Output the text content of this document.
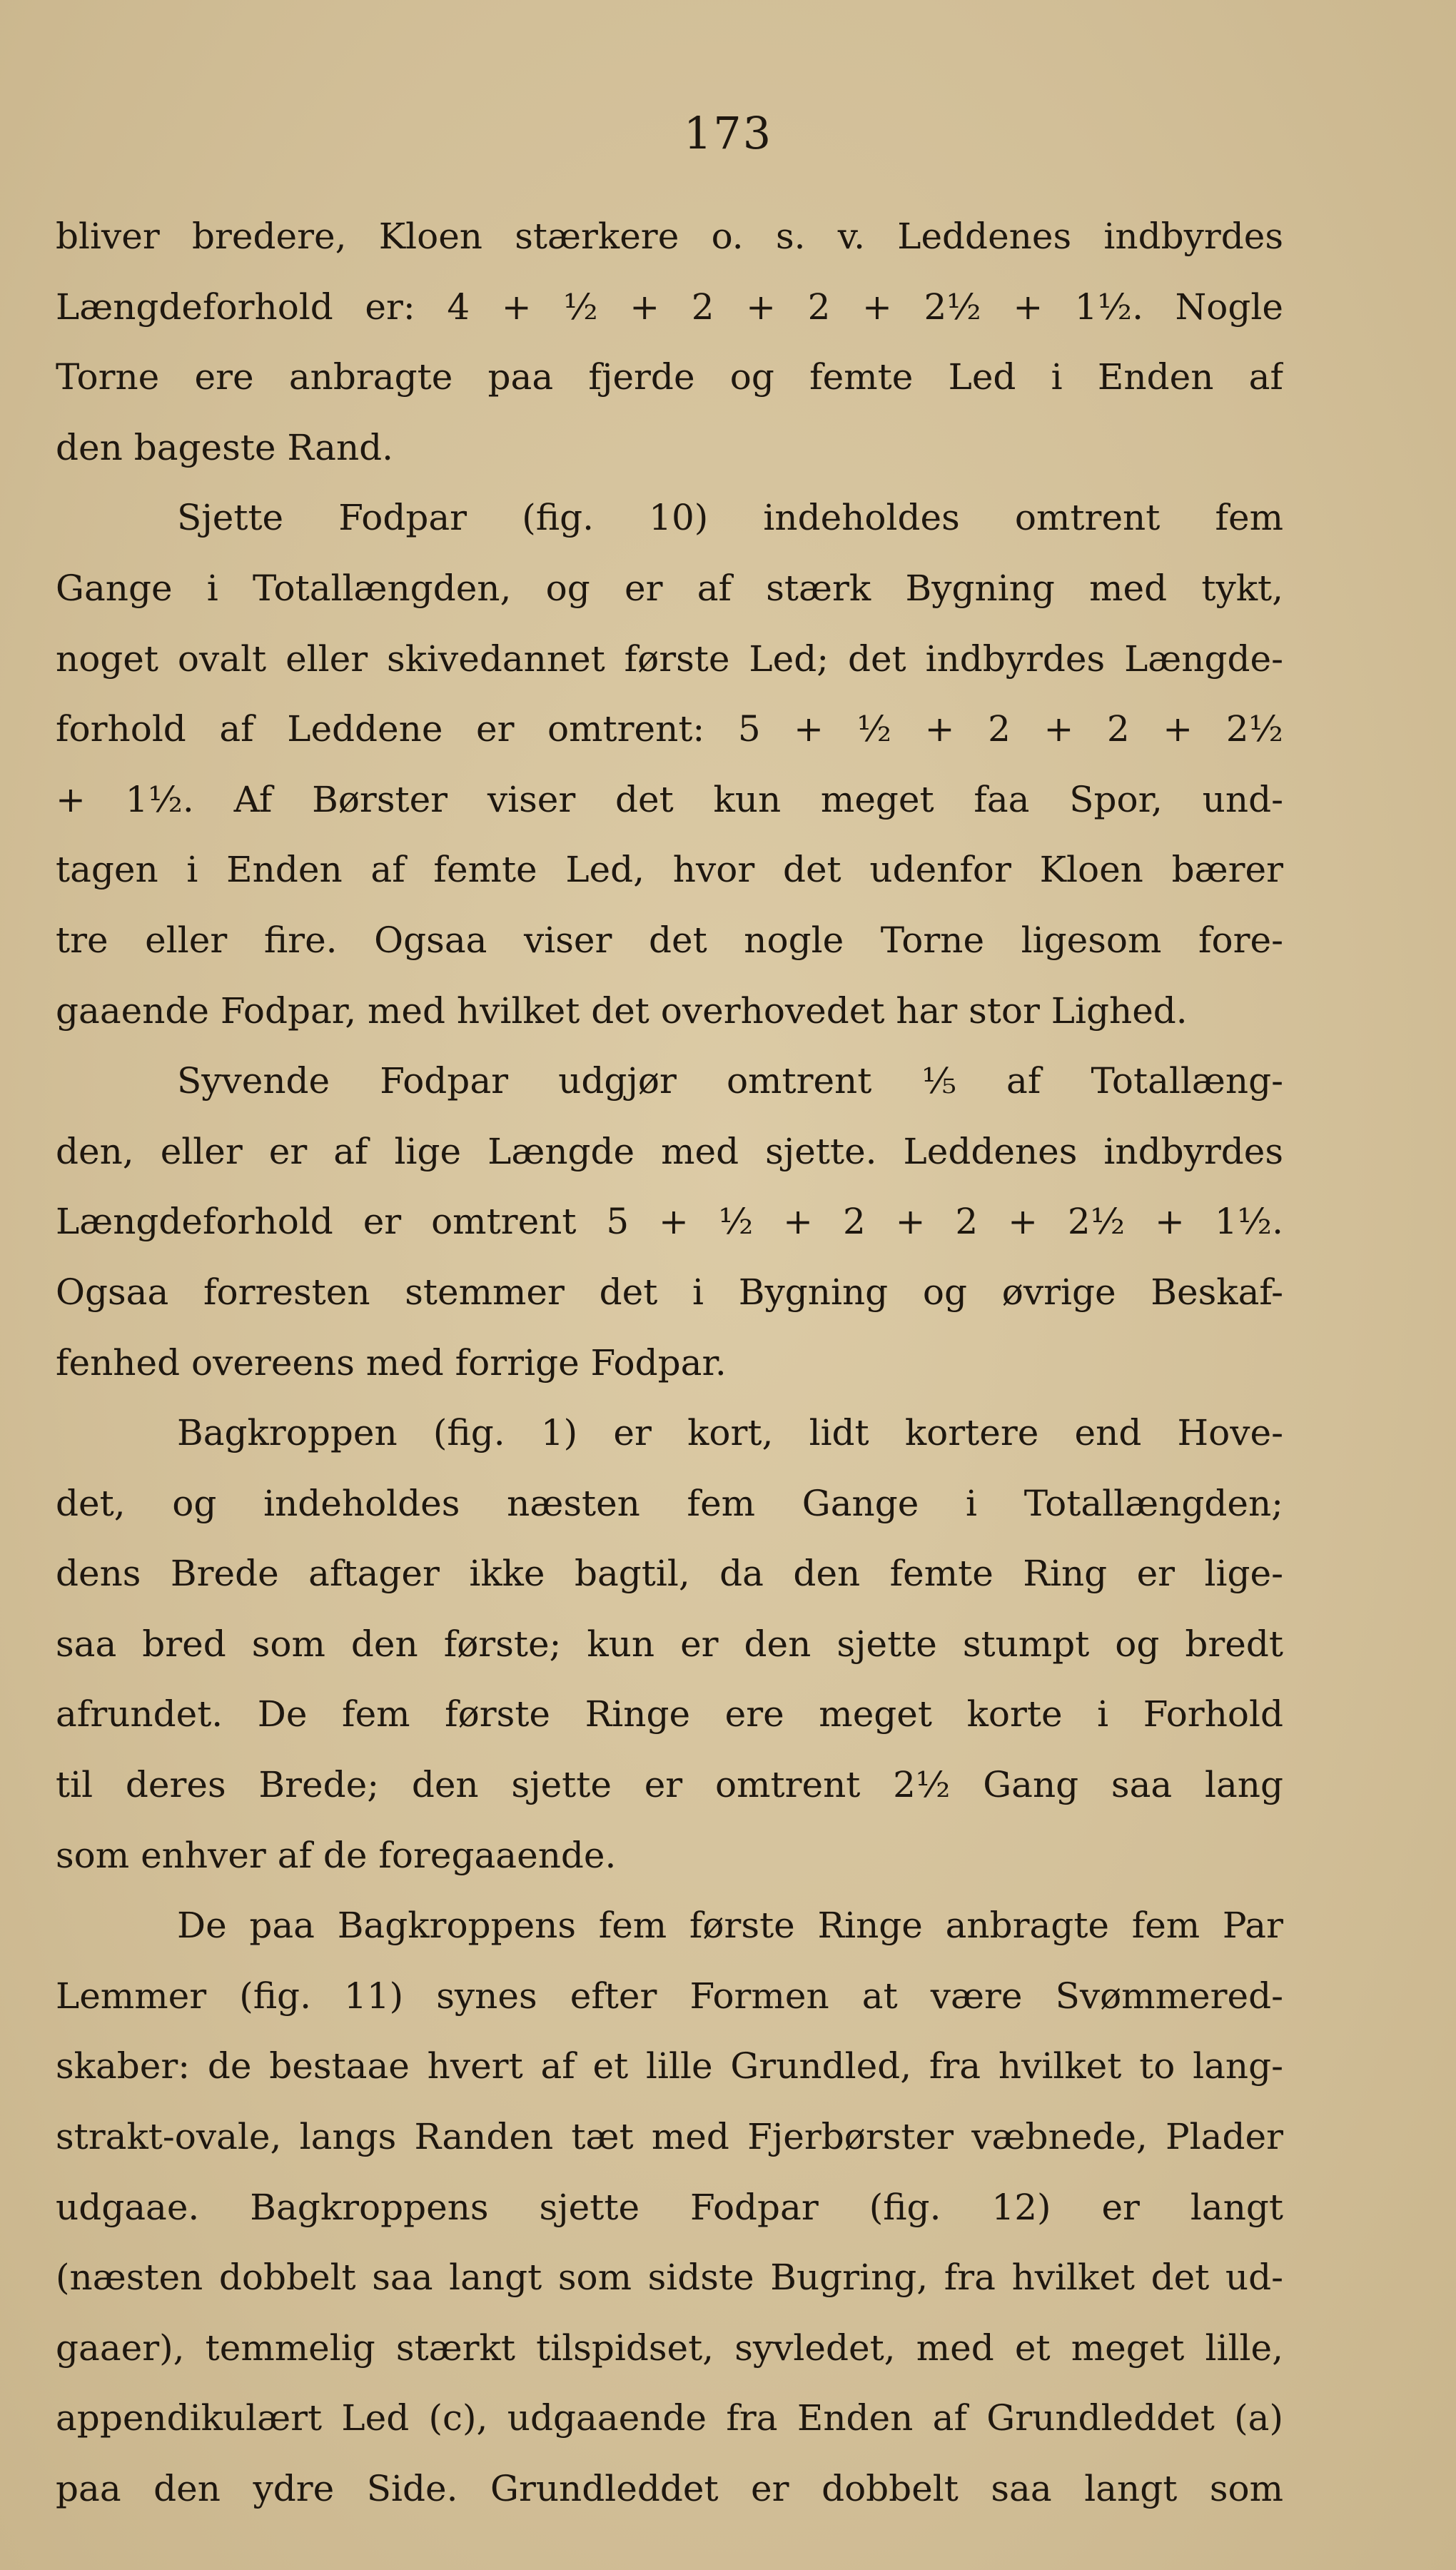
173
bliver bredere, Kloen stærkere o. s. v. Leddenes indbyrdes
Længdeforhold er: 4 + ½ + 2 + 2 + 2½ + 1½. Nogle
Torne ere anbragte paa fjerde og femte Led i Enden af
den bageste Rand.
Sjette Fodpar (fig. 10) indeholdes omtrent fem
Gange i Totallængden, og er af stærk Bygning med tykt,
noget ovalt eller skivedannet første Led; det indbyrdes Længde-
forhold af Leddene er omtrent: 5 + ½ + 2 + 2 + 2½
+ 1½. Af Børster viser det kun meget faa Spor, und-
tagen i Enden af femte Led, hvor det udenfor Kloen bærer
tre eller fire. Ogsaa viser det nogle Torne ligesom fore-
gaaende Fodpar, med hvilket det overhovedet har stor Lighed.
Syvende Fodpar udgjør omtrent ⅕ af Totallæng-
den, eller er af lige Længde med sjette. Leddenes indbyrdes
Længdeforhold er omtrent 5 + ½ + 2 + 2 + 2½ + 1½.
Ogsaa forresten stemmer det i Bygning og øvrige Beskaf-
fenhed overeens med forrige Fodpar.
Bagkroppen (fig. 1) er kort, lidt kortere end Hove-
det, og indeholdes næsten fem Gange i Totallængden;
dens Brede aftager ikke bagtil, da den femte Ring er lige-
saa bred som den første; kun er den sjette stumpt og bredt
afrundet. De fem første Ringe ere meget korte i Forhold
til deres Brede; den sjette er omtrent 2½ Gang saa lang
som enhver af de foregaaende.
De paa Bagkroppens fem første Ringe anbragte fem Par
Lemmer (fig. 11) synes efter Formen at være Svømmered-
skaber: de bestaae hvert af et lille Grundled, fra hvilket to lang-
strakt-ovale, langs Randen tæt med Fjerbørster væbnede, Plader
udgaae. Bagkroppens sjette Fodpar (fig. 12) er langt
(næsten dobbelt saa langt som sidste Bugring, fra hvilket det ud-
gaaer), temmelig stærkt tilspidset, syvledet, med et meget lille,
appendikulært Led (c), udgaaende fra Enden af Grundleddet (a)
paa den ydre Side. Grundleddet er dobbelt saa langt som
